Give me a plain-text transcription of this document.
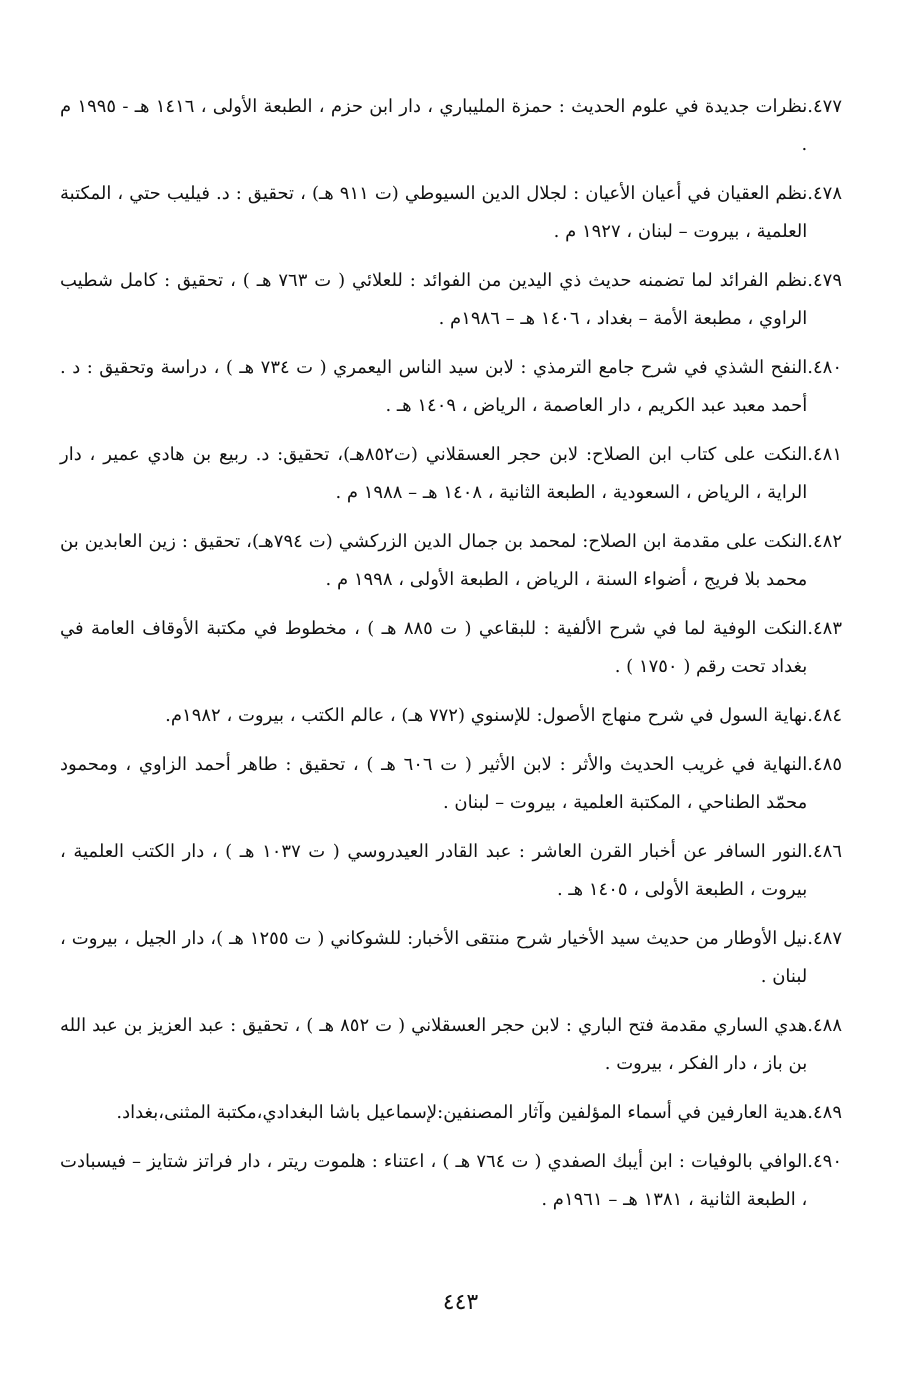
٤٧٧.
نظرات جديدة في علوم الحديث : حمزة المليباري ، دار ابن حزم ، الطبعة الأولى ، ١٤١٦ هـ - ١٩٩٥ م .
٤٧٨.
نظم العقيان في أعيان الأعيان : لجلال الدين السيوطي (ت ٩١١ هـ) ، تحقيق : د. فيليب حتي ، المكتبة العلمية ، بيروت – لبنان ، ١٩٢٧ م .
٤٧٩.
نظم الفرائد لما تضمنه حديث ذي اليدين من الفوائد : للعلائي ( ت ٧٦٣ هـ ) ، تحقيق : كامل شطيب الراوي ، مطبعة الأمة – بغداد ، ١٤٠٦ هـ – ١٩٨٦م .
٤٨٠.
النفح الشذي في شرح جامع الترمذي : لابن سيد الناس اليعمري ( ت ٧٣٤ هـ ) ، دراسة وتحقيق : د . أحمد معبد عبد الكريم ، دار العاصمة ، الرياض ، ١٤٠٩ هـ .
٤٨١.
النكت على كتاب ابن الصلاح: لابن حجر العسقلاني (ت٨٥٢هـ)، تحقيق: د. ربيع بن هادي عمير ، دار الراية ، الرياض ، السعودية ، الطبعة الثانية ، ١٤٠٨ هـ – ١٩٨٨ م .
٤٨٢.
النكت على مقدمة ابن الصلاح: لمحمد بن جمال الدين الزركشي (ت ٧٩٤هـ)، تحقيق : زين العابدين بن محمد بلا فريج ، أضواء السنة ، الرياض ، الطبعة الأولى ، ١٩٩٨ م .
٤٨٣.
النكت الوفية لما في شرح الألفية : للبقاعي ( ت ٨٨٥ هـ ) ، مخطوط في مكتبة الأوقاف العامة في بغداد تحت رقم ( ١٧٥٠ ) .
٤٨٤.
نهاية السول في شرح منهاج الأصول: للإسنوي (٧٧٢ هـ) ، عالم الكتب ، بيروت ، ١٩٨٢م.
٤٨٥.
النهاية في غريب الحديث والأثر : لابن الأثير ( ت ٦٠٦ هـ ) ، تحقيق : طاهر أحمد الزاوي ، ومحمود محمّد الطناحي ، المكتبة العلمية ، بيروت – لبنان .
٤٨٦.
النور السافر عن أخبار القرن العاشر : عبد القادر العيدروسي ( ت ١٠٣٧ هـ ) ، دار الكتب العلمية ، بيروت ، الطبعة الأولى ، ١٤٠٥ هـ .
٤٨٧.
نيل الأوطار من حديث سيد الأخيار شرح منتقى الأخبار: للشوكاني ( ت ١٢٥٥ هـ )، دار الجيل ، بيروت ، لبنان .
٤٨٨.
هدي الساري مقدمة فتح الباري : لابن حجر العسقلاني ( ت ٨٥٢ هـ ) ، تحقيق : عبد العزيز بن عبد الله بن باز ، دار الفكر ، بيروت .
٤٨٩.
هدية العارفين في أسماء المؤلفين وآثار المصنفين:لإسماعيل باشا البغدادي،مكتبة المثنى،بغداد.
٤٩٠.
الوافي بالوفيات : ابن أيبك الصفدي ( ت ٧٦٤ هـ ) ، اعتناء : هلموت ريتر ، دار فراتز شتايز – فيسبادت ، الطبعة الثانية ، ١٣٨١ هـ – ١٩٦١م .
٤٤٣
